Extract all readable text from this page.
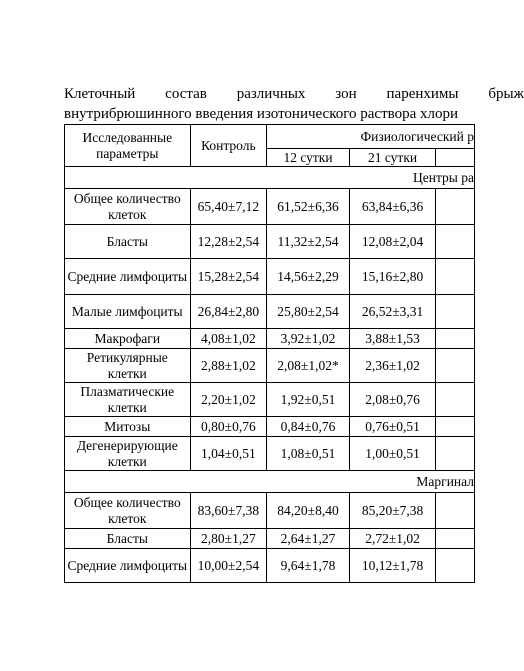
Клеточный состав различных зон паренхимы брыж
внутрибрюшинного введения изотонического раствора хлори
Исследованные параметры	Контроль	Физиологический р		
		12 сутки	21 сутки	
Центры ра				
Общее количество клеток	65,40±7,12	61,52±6,36	63,84±6,36	
Бласты	12,28±2,54	11,32±2,54	12,08±2,04	
Средние лимфоциты	15,28±2,54	14,56±2,29	15,16±2,80	
Малые лимфоциты	26,84±2,80	25,80±2,54	26,52±3,31	
Макрофаги	4,08±1,02	3,92±1,02	3,88±1,53	
Ретикулярные клетки	2,88±1,02	2,08±1,02*	2,36±1,02	
Плазматические клетки	2,20±1,02	1,92±0,51	2,08±0,76	
Митозы	0,80±0,76	0,84±0,76	0,76±0,51	
Дегенерирующие клетки	1,04±0,51	1,08±0,51	1,00±0,51	
Маргинал				
Общее количество клеток	83,60±7,38	84,20±8,40	85,20±7,38	
Бласты	2,80±1,27	2,64±1,27	2,72±1,02	
Средние лимфоциты	10,00±2,54	9,64±1,78	10,12±1,78	
